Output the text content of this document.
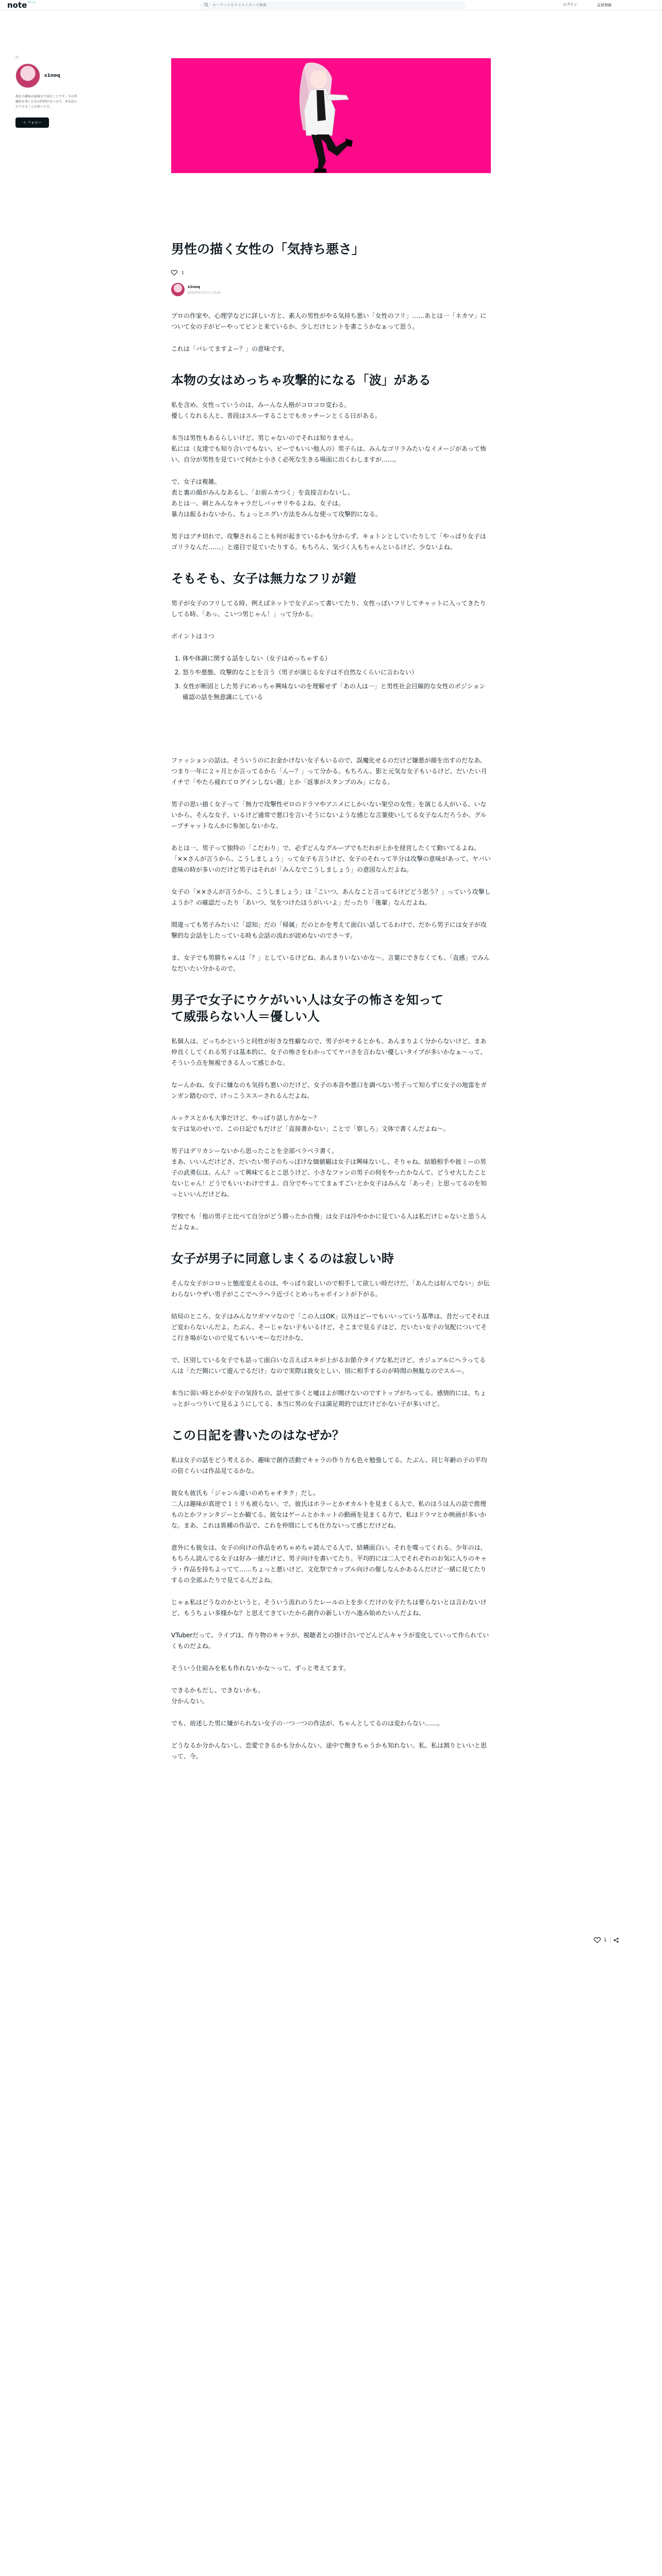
note $^{ホーム}$
キーワードやクリエイターで検索	ログイン	会員登録
ID
s1noq
現在の趣味は最後まで読むことです。今の所趣味を楽しむ為の時間がないので、本を読んだりすることが多いです。
＋ フォロー
男性の描く女性の「気持ち悪さ」
1
s1noq
2023年4月22日 13:24

プロの作家や、心理学などに詳しい方と、素人の男性がやる気持ち悪い「女性のフリ」……あとは一「ネカマ」について女の子がビーやってビンと来ているか、少しだけヒントを書こうかなぁって思う。

これは「バレてますよー？」の意味です。

本物の女はめっちゃ攻撃的になる「波」がある

私を含め、女性っていうのは、みーんな人格がコロコロ変わる。
優しくなれる人と、普段はスルーすることでもカッチーンとくる日がある。

本当は男性もあるらしいけど、男じゃないのでそれは知りません。
私には（友達でも知り合いでもない、ビーでもいい他人の）男子らは、みんなゴリラみたいなイメージがあって怖い。自分が男性を見ていて何かと小さく必死な生きる場面に出くわしますが……。

で、女子は複雑。
表と裏の顔がみんなあるし、「お前ムカつく」を直接言わないし、
あとは一、刺とみんなキャラだしバッサリやるよね、女子は。
暴力は振るわないから、ちょっとエグい方法をみんな使って攻撃的になる。

男子はブチ切れで、攻撃されることも何が起きているかも分からず、キョトンとしていたりして「やっぱり女子はゴリラなんだ……」と遠目で見ていたりする。もちろん、気づく人もちゃんといるけど、少ないよね。

そもそも、女子は無力なフリが鎧

男子が女子のフリしてる時、例えばネットで女子ぶって書いてたり、女性っぽいフリしてチャットに入ってきたりしてる時、「あっ、こいつ男じゃん！」って分かる。

ポイントは３つ

1. 体や体調に関する話をしない（女子はめっちゃする）
2. 怒りや悪態、攻撃的なことを言う（男子が演じる女子は不自然なくらいに言わない）
3. 女性が断固とした男子にめっちゃ興味ないのを理解せず「あの人は一」と男性社会目線的な女性のポジション確認の話を無意識にしている

ファッションの話は、そういうのにお金かけない女子もいるので、誤魔化せるのだけど嫌悪が顔を出すのだなあ、つまり一年に２ヶ月とか言ってるから「んー？」って分かる。もちろん、影と元気な女子もいるけど、だいたい月イチで「やたら疲れてログインしない週」とか「返事がスタンプのみ」になる。

男子の思い描く女子って「無力で攻撃性ゼロのドラマやアニメにしかいない架空の女性」を演じる人がいる。いないから、そんな女子、いるけど通常で悪口を言いそうにないような感じな言葉使いしてる女子なんだろうか。グループチャットなんかに参加しないかな。

あとは一、男子って独特の「こだわり」で、必ずどんなグループでもだれが上かを経営したくて動いてるよね。「××さんが言うから、こうしましょう」って女子も言うけど、女子のそれって半分は攻撃の意味があって、ヤバい意味の時が多いのだけど男子はそれが「みんなでこうしましょう」の意図なんだよね。

女子の「××さんが言うから、こうしましょう」は「こいつ、あんなこと言ってるけどどう思う？」っていう攻撃しようか？の確認だったり「あいつ、気をつけたほうがいいよ」だったり「後輩」なんだよね。

間違っても男子みたいに「認知」だの「帰属」だのとかを考えて面白い話してるわけで、だから男子には女子が攻撃的な会話をしたっている時も会話の流れが読めないのでさ～す。

ま、女子でも男勝ちゃんは「？」としているけどね、あんまりいないかな～。言葉にできなくても、「直感」でみんなだいたい分かるので。

男子で女子にウケがいい人は女子の怖さを知って
て威張らない人＝優しい人

私個人は、どっちかというと同性が好きな性癖なので、男子がモテるとかも、あんまりよく分からないけど、まあ仲良くしてくれる男子は基本的に、女子の怖さをわかっててヤバさを言わない優しいタイプが多いかなぁ〜って、そういう点を無視できる人って感じかな。

なーんかね、女子に嫌なのも気持ち悪いのだけど、女子の本音や悪口を調べない男子って知らずに女子の地雷をガンガン踏むので、けっこうススーされるんだよね。

ルックスとかも大事だけど、やっぱり話し方かな〜？
女子は気のせいで、この日記でもだけど「直接書かない」ことで「察しろ」文体で書くんだよね〜。

男子はデリカシーないから思ったことを全部ベラベラ書く。
まあ、いいんだけどさ、だいたい男子のちっぽけな価値観は女子は興味ないし、そりゃね、結婚相手や彼ミーの男子の武勇伝は、んん？って興味てるとこ思うけど、小さなファンの男子の何をやったかなんて、どうせ大したことないじゃん！どうでもいいわけですよ。自分でやっててまぁすごいとか女子はみんな「あっそ」と思ってるのを知っといいんだけどね。

学校でも「他の男子と比べて自分がどう勝ったか自慢」は女子は冷やかかに見ている人は私だけじゃないと思うんだよなぁ。

女子が男子に同意しまくるのは寂しい時

そんな女子がコロっと態度変えるのは、やっぱり寂しいので相手して欲しい時だけだ。「あんたは好んでない」が伝わらないウザい男子がここでヘラヘラ近づくとめっちゃポイントが下がる。

結局のところ、女子はみんなワガママなので「この人はOK」以外はどーでもいいっていう基準は、昔だってそれほど変わらないんだよ。たぶん、そーじゃない子もいるけど、そこまで見る子ほど、だいたい女子の気配についてそこ行き場がないので見てもいいモーなだけかな。

で、区別している女子でも話って面白いな言えばスキが上がるお節介タイプな私だけど、カジュアルにヘラってるんは「ただ側にいて遊んでるだけ」なので実際は彼女としい、別に相手するのが時間の無駄なのでスルー。

本当に弱い時とかが女子の気持ちの、話せて歩くと嘘はよが聞けないのですトップがちってる。感情的には、ちょっとがっつりいて見るようにしてる、本当に男の女子は満足期的ではだけどかない子が多いけど。

この日記を書いたのはなぜか？

私は女子の話をどう考えるか、趣味で創作活動でキャラの作り方も色々勉強してる。たぶん、同じ年齢の子の平均の倍ぐらいは作品見てるかな。

彼女も彼氏も「ジャンル違いのめちゃオタク」だし。
二人は趣味が真逆で１ミリも被らない。で、彼氏はホラーとかオカルトを見まくる人で、私のほうは人の話で推理ものとかファンタジーとか観てる。彼女はゲームとかネットの動画を見まくる方で、私はドラマとか映画が多いかな。まあ、これは異種の作品で、これを仲間にしても仕方ないって感じだけどね。

意外にも彼女は、女子の向けの作品をめちゃめちゃ読んでる人で、結構面白い。それを喋ってくれる。少年のは、もちろん読んでる女子は好み一緒だけど、男子向けを書いてたり。平均的には二人でそれぞれのお気に入りのキャラ・作品を持ちよってて……ちょっと悪いけど、文化祭でカップル向けの催しなんかあるんだけど一緒に見てたりするの全部ふたりで見てるんだよね。

じゃぁ私はどうなのかというと、そういう流れのうたレールの上を歩くだけの女子たちは要らないとは言わないけど、もうちょい多様かな？と思えてきていたから創作の新しい方へ進み始めたいんだよね。

VTuberだって、ライブは、作り物のキャラが、視聴者との掛け合いでどんどんキャラが変化していって作られていくものだよね。

そういう仕組みを私も作れないかな〜って、ずっと考えてます。

できるかもだし、できないかも。
分かんない。

でも、前述した男に嫌がられない女子の一つ一つの作法が、ちゃんとしてるのは変わらない……。

どうなるか分かんないし、恋愛できるかも分かんない。途中で飽きちゃうかも知れない。私、私は割りといいと思って、今。

1
